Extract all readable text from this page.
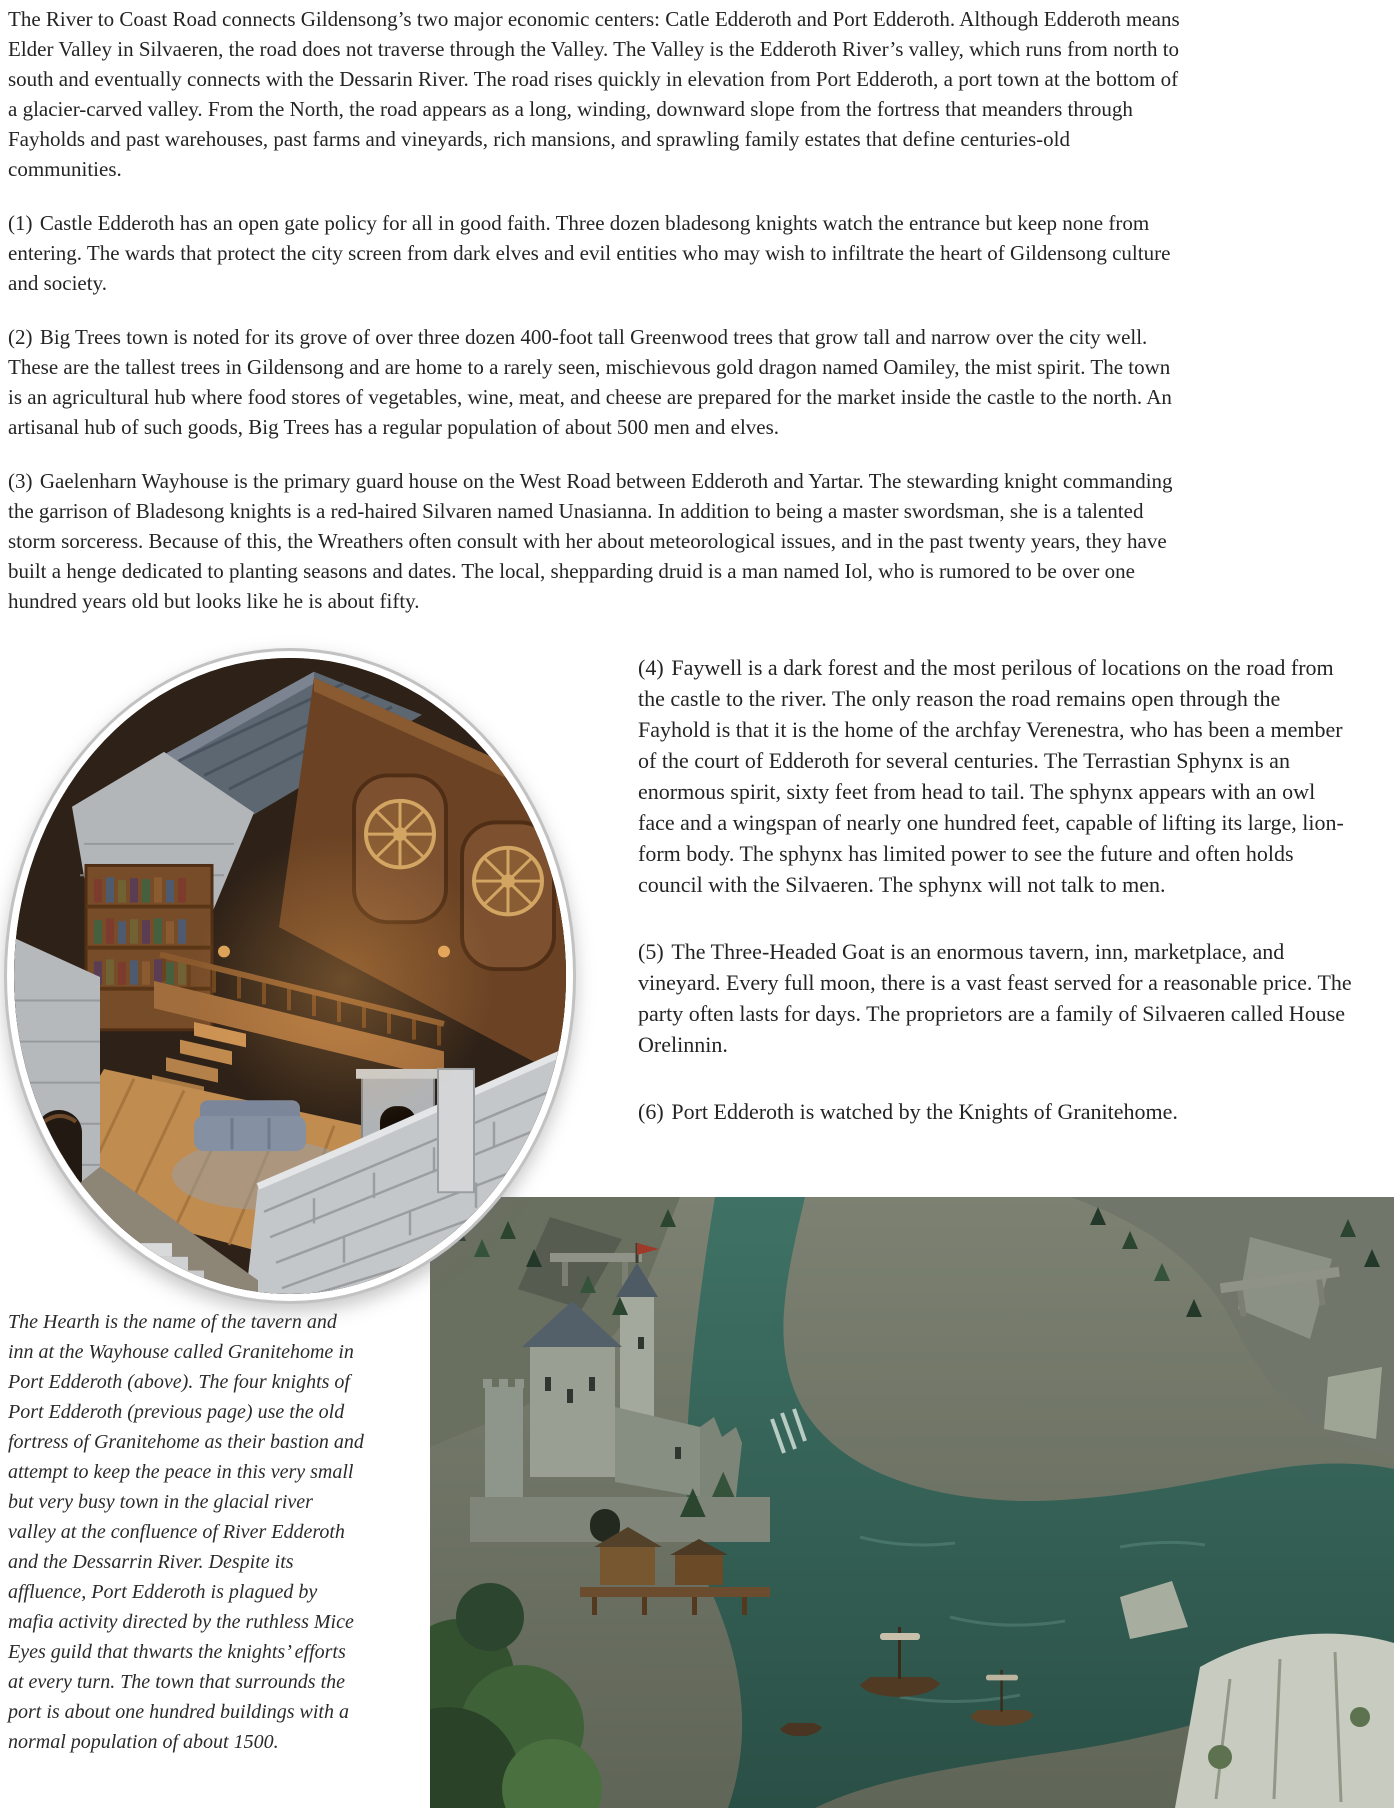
The River to Coast Road connects Gildensong’s two major economic centers: Catle Edderoth and Port Edderoth. Although Edderoth means Elder Valley in Silvaeren, the road does not traverse through the Valley. The Valley is the Edderoth River’s valley, which runs from north to south and eventually connects with the Dessarin River. The road rises quickly in elevation from Port Edderoth, a port town at the bottom of a glacier-carved valley. From the North, the road appears as a long, winding, downward slope from the fortress that meanders through Fayholds and past warehouses, past farms and vineyards, rich mansions, and sprawling family estates that define centuries-old communities.

(1) Castle Edderoth has an open gate policy for all in good faith. Three dozen bladesong knights watch the entrance but keep none from entering. The wards that protect the city screen from dark elves and evil entities who may wish to infiltrate the heart of Gildensong culture and society.

(2) Big Trees town is noted for its grove of over three dozen 400-foot tall Greenwood trees that grow tall and narrow over the city well. These are the tallest trees in Gildensong and are home to a rarely seen, mischievous gold dragon named Oamiley, the mist spirit. The town is an agricultural hub where food stores of vegetables, wine, meat, and cheese are prepared for the market inside the castle to the north. An artisanal hub of such goods, Big Trees has a regular population of about 500 men and elves.

(3) Gaelenharn Wayhouse is the primary guard house on the West Road between Edderoth and Yartar. The stewarding knight commanding the garrison of Bladesong knights is a red-haired Silvaren named Unasianna. In addition to being a master swordsman, she is a talented storm sorceress. Because of this, the Wreathers often consult with her about meteorological issues, and in the past twenty years, they have built a henge dedicated to planting seasons and dates. The local, shepparding druid is a man named Iol, who is rumored to be over one hundred years old but looks like he is about fifty.

(4) Faywell is a dark forest and the most perilous of locations on the road from the castle to the river. The only reason the road remains open through the Fayhold is that it is the home of the archfay Verenestra, who has been a member of the court of Edderoth for several centuries. The Terrastian Sphynx is an enormous spirit, sixty feet from head to tail. The sphynx appears with an owl face and a wingspan of nearly one hundred feet, capable of lifting its large, lion-form body. The sphynx has limited power to see the future and often holds council with the Silvaeren. The sphynx will not talk to men.

(5) The Three-Headed Goat is an enormous tavern, inn, marketplace, and vineyard. Every full moon, there is a vast feast served for a reasonable price. The party often lasts for days. The proprietors are a family of Silvaeren called House Orelinnin.

(6) Port Edderoth is watched by the Knights of Granitehome.

The Hearth is the name of the tavern and inn at the Wayhouse called Granitehome in Port Edderoth (above). The four knights of Port Edderoth (previous page) use the old fortress of Granitehome as their bastion and attempt to keep the peace in this very small but very busy town in the glacial river valley at the confluence of River Edderoth and the Dessarrin River. Despite its affluence, Port Edderoth is plagued by mafia activity directed by the ruthless Mice Eyes guild that thwarts the knights’ efforts at every turn. The town that surrounds the port is about one hundred buildings with a normal population of about 1500.
